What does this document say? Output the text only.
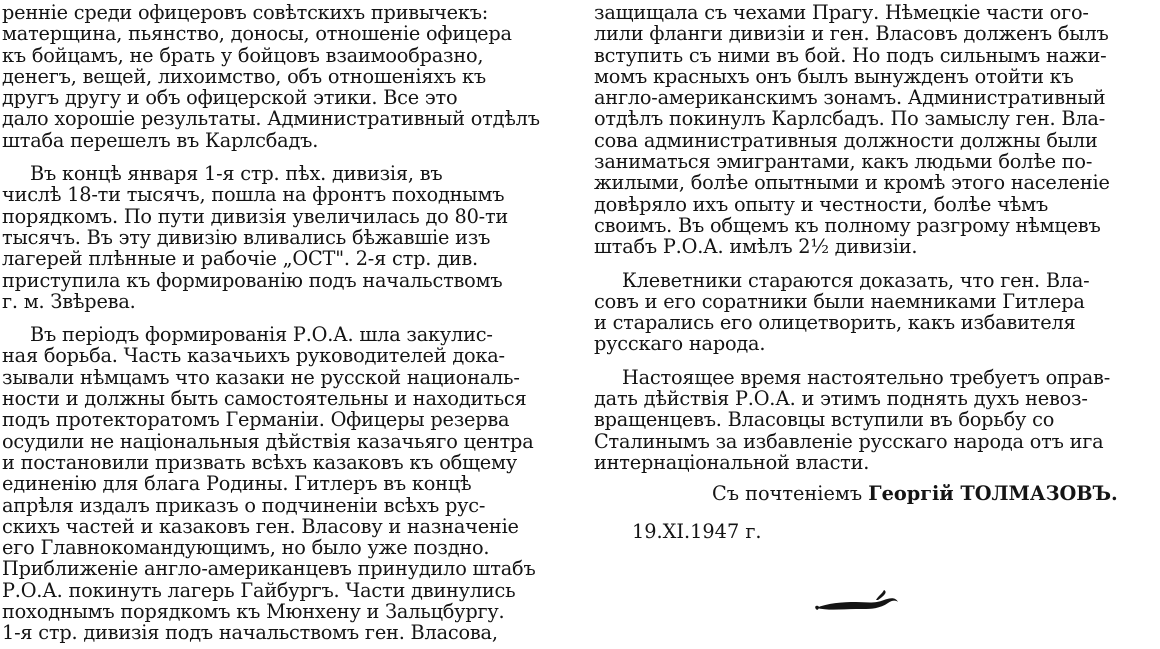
ренніе среди офицеровъ совѣтскихъ привычекъ:
матерщина, пьянство, доносы, отношеніе офицера
къ бойцамъ, не брать у бойцовъ взаимообразно,
денегъ, вещей, лихоимство, объ отношеніяхъ къ
другъ другу и объ офицерской этики. Все это
дало хорошіе результаты. Административный отдѣлъ
штаба перешелъ въ Карлсбадъ.
Въ концѣ января 1-я стр. пѣх. дивизія, въ
числѣ 18-ти тысячъ, пошла на фронтъ походнымъ
порядкомъ. По пути дивизія увеличилась до 80-ти
тысячъ. Въ эту дивизію вливались бѣжавшіе изъ
лагерей плѣнные и рабочіе „ОСТ". 2-я стр. див.
приступила къ формированію подъ начальствомъ
г. м. Звѣрева.
Въ періодъ формированія Р.О.А. шла закулис-
ная борьба. Часть казачьихъ руководителей дока-
зывали нѣмцамъ что казаки не русской националь-
ности и должны быть самостоятельны и находиться
подъ протекторатомъ Германіи. Офицеры резерва
осудили не національныя дѣйствія казачьяго центра
и постановили призвать всѣхъ казаковъ къ общему
единенію для блага Родины. Гитлеръ въ концѣ
апрѣля издалъ приказъ о подчиненіи всѣхъ рус-
скихъ частей и казаковъ ген. Власову и назначеніе
его Главнокомандующимъ, но было уже поздно.
Приближеніе англо-американцевъ принудило штабъ
Р.О.А. покинуть лагерь Гайбургъ. Части двинулись
походнымъ порядкомъ къ Мюнхену и Зальцбургу.
1-я стр. дивизія подъ начальствомъ ген. Власова,
защищала съ чехами Прагу. Нѣмецкіе части ого-
лили фланги дивизіи и ген. Власовъ долженъ былъ
вступить съ ними въ бой. Но подъ сильнымъ нажи-
момъ красныхъ онъ былъ вынужденъ отойти къ
англо-американскимъ зонамъ. Административный
отдѣлъ покинулъ Карлсбадъ. По замыслу ген. Вла-
сова административныя должности должны были
заниматься эмигрантами, какъ людьми болѣе по-
жилыми, болѣе опытными и кромѣ этого населеніе
довѣряло ихъ опыту и честности, болѣе чѣмъ
своимъ. Въ общемъ къ полному разгрому нѣмцевъ
штабъ Р.О.А. имѣлъ 2½ дивизіи.
Клеветники стараются доказать, что ген. Вла-
совъ и его соратники были наемниками Гитлера
и старались его олицетворить, какъ избавителя
русскаго народа.
Настоящее время настоятельно требуетъ оправ-
дать дѣйствія Р.О.А. и этимъ поднять духъ невоз-
вращенцевъ. Власовцы вступили въ борьбу со
Сталинымъ за избавленіе русскаго народа отъ ига
интернаціональной власти.
Съ почтеніемъ Георгій ТОЛМАЗОВЪ.
19.XI.1947 г.
